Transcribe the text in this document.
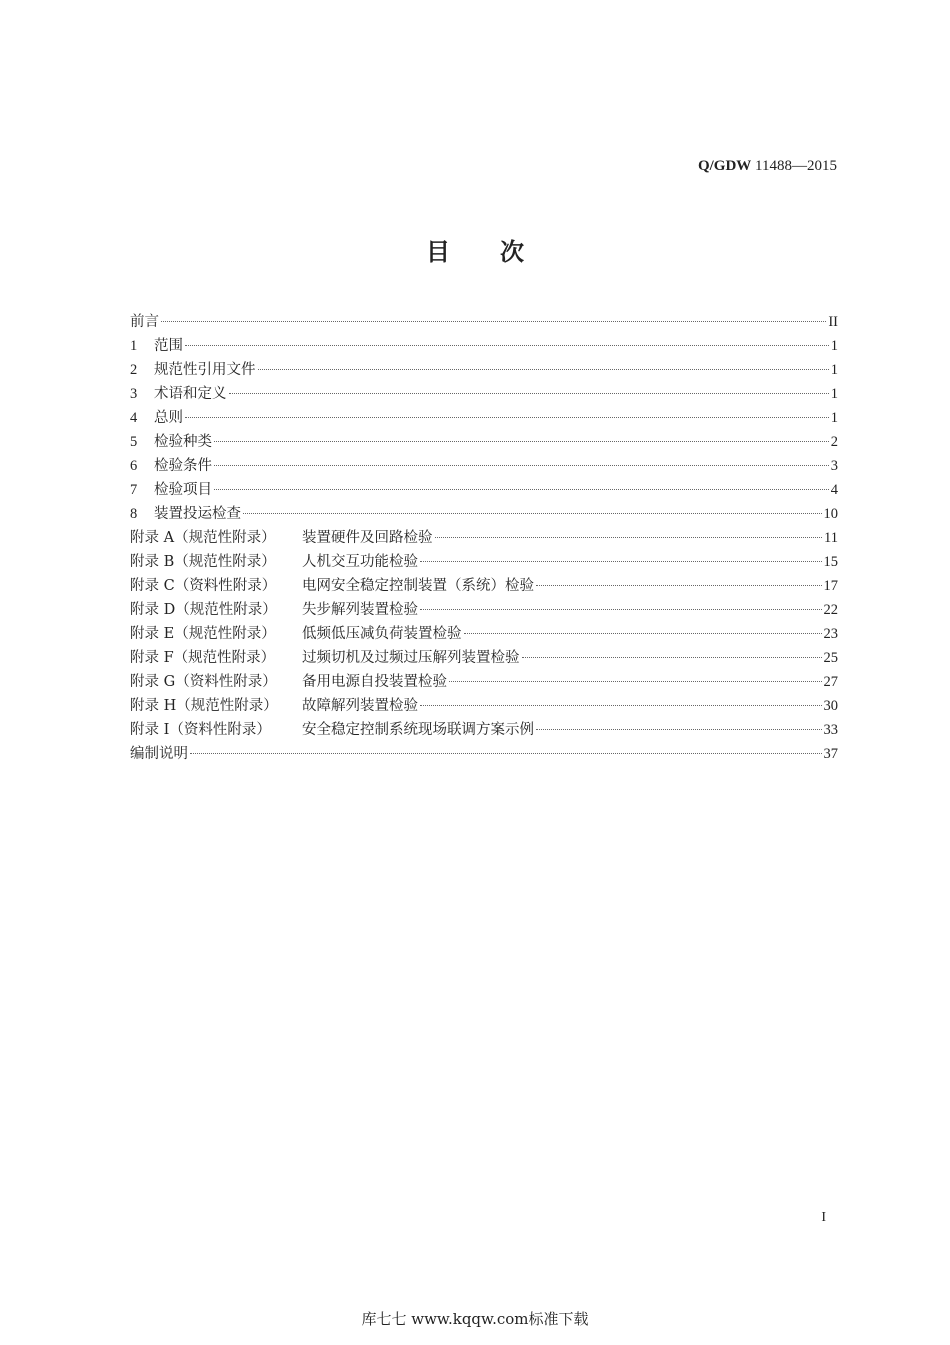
Q/GDW 11488—2015
目次
前言	II
1	范围	1
2	规范性引用文件	1
3	术语和定义	1
4	总则	1
5	检验种类	2
6	检验条件	3
7	检验项目	4
8	装置投运检查	10
附录 A（规范性附录）	装置硬件及回路检验	11
附录 B（规范性附录）	人机交互功能检验	15
附录 C（资料性附录）	电网安全稳定控制装置（系统）检验	17
附录 D（规范性附录）	失步解列装置检验	22
附录 E（规范性附录）	低频低压减负荷装置检验	23
附录 F（规范性附录）	过频切机及过频过压解列装置检验	25
附录 G（资料性附录）	备用电源自投装置检验	27
附录 H（规范性附录）	故障解列装置检验	30
附录 I（资料性附录）	安全稳定控制系统现场联调方案示例	33
编制说明	37
I
库七七 www.kqqw.com标准下载
